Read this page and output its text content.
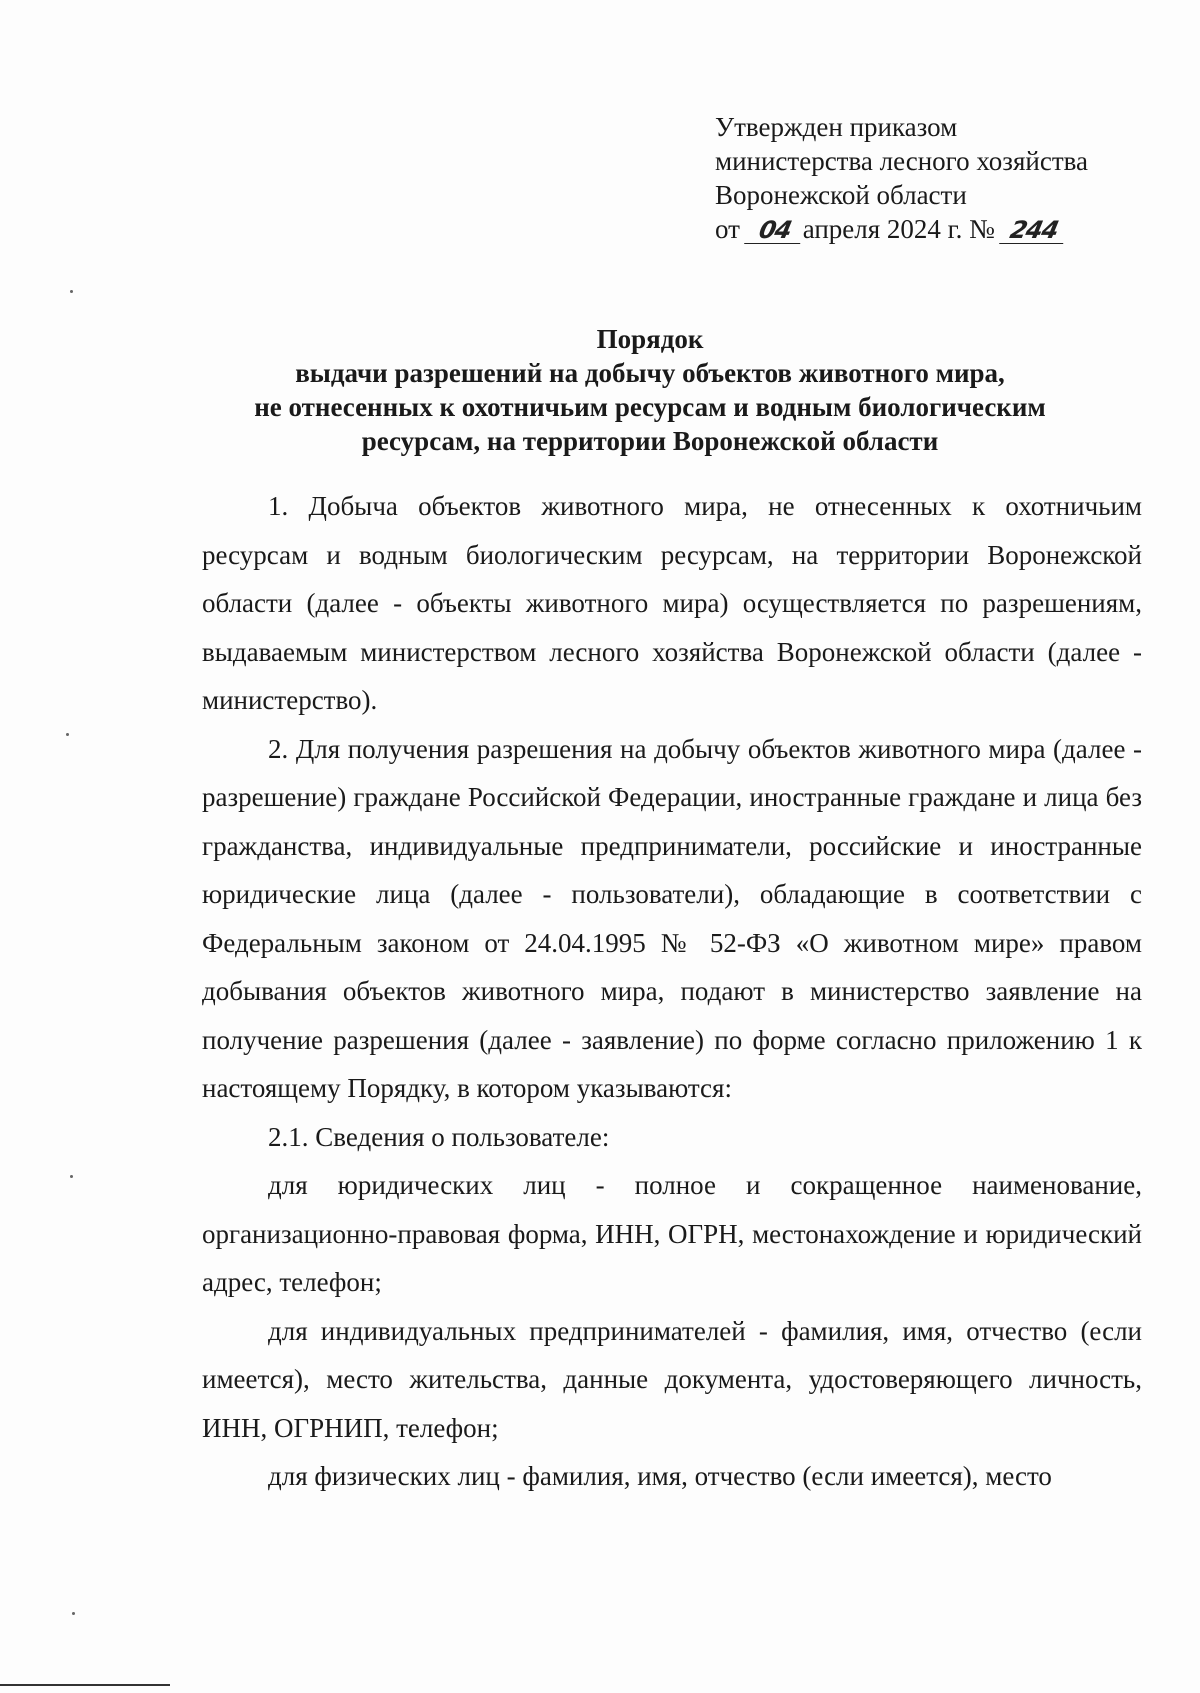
Утвержден приказом
министерства лесного хозяйства
Воронежской области
от 04 апреля 2024 г. № 244
Порядок
выдачи разрешений на добычу объектов животного мира,
не отнесенных к охотничьим ресурсам и водным биологическим
ресурсам, на территории Воронежской области

1. Добыча объектов животного мира, не отнесенных к охотничьим ресурсам и водным биологическим ресурсам, на территории Воронежской области (далее - объекты животного мира) осуществляется по разрешениям, выдаваемым министерством лесного хозяйства Воронежской области (далее - министерство).

2. Для получения разрешения на добычу объектов животного мира (далее - разрешение) граждане Российской Федерации, иностранные граждане и лица без гражданства, индивидуальные предприниматели, российские и иностранные юридические лица (далее - пользователи), обладающие в соответствии с Федеральным законом от 24.04.1995 № 52-ФЗ «О животном мире» правом добывания объектов животного мира, подают в министерство заявление на получение разрешения (далее - заявление) по форме согласно приложению 1 к настоящему Порядку, в котором указываются:

2.1. Сведения о пользователе:

для юридических лиц - полное и сокращенное наименование, организационно-правовая форма, ИНН, ОГРН, местонахождение и юридический адрес, телефон;

для индивидуальных предпринимателей - фамилия, имя, отчество (если имеется), место жительства, данные документа, удостоверяющего личность, ИНН, ОГРНИП, телефон;

для физических лиц - фамилия, имя, отчество (если имеется), место
